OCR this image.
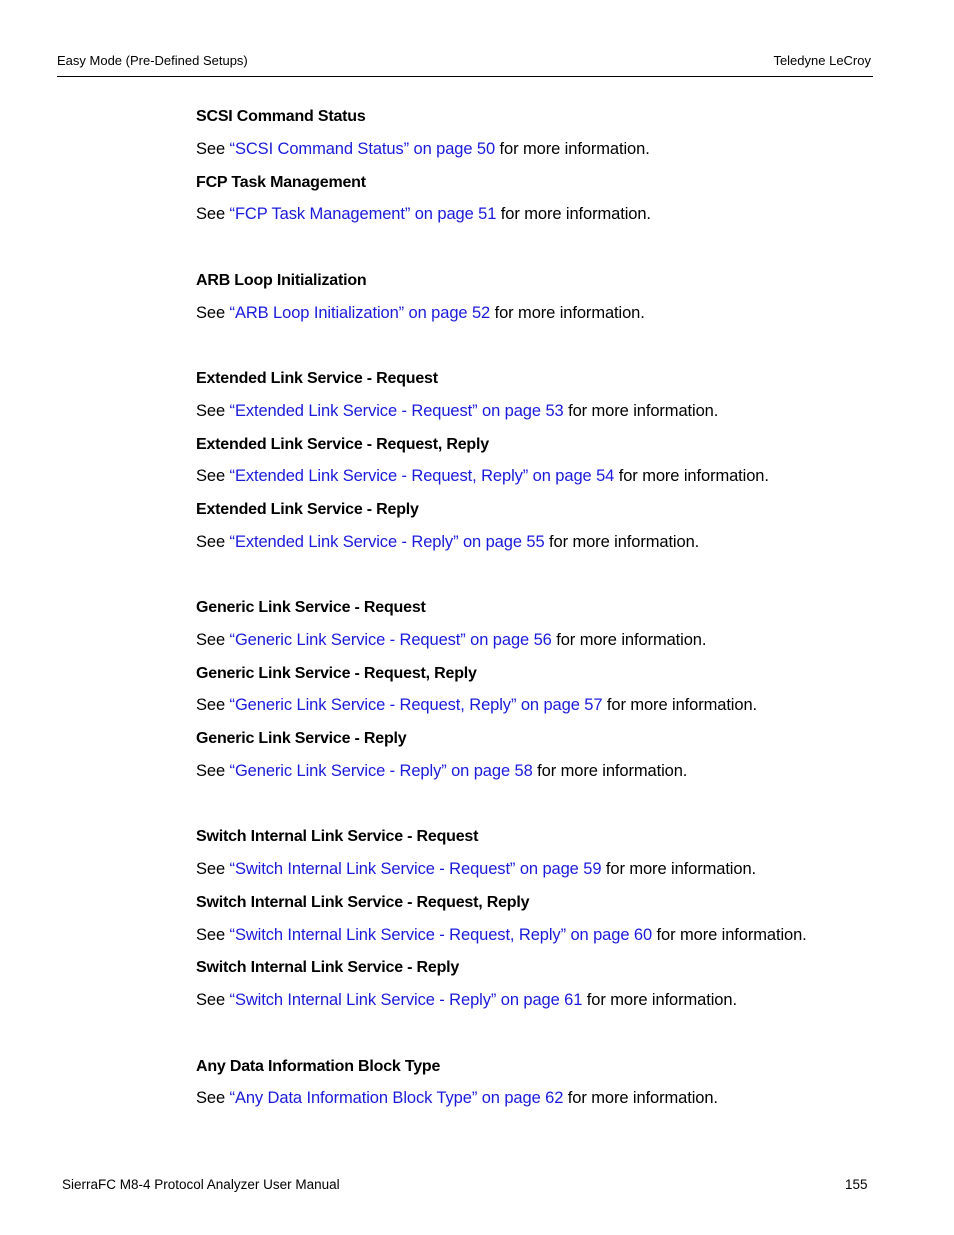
Easy Mode (Pre-Defined Setups)	Teledyne LeCroy
SCSI Command Status
See “SCSI Command Status” on page 50 for more information.
FCP Task Management
See “FCP Task Management” on page 51 for more information.
ARB Loop Initialization
See “ARB Loop Initialization” on page 52 for more information.
Extended Link Service - Request
See “Extended Link Service - Request” on page 53 for more information.
Extended Link Service - Request, Reply
See “Extended Link Service - Request, Reply” on page 54 for more information.
Extended Link Service - Reply
See “Extended Link Service - Reply” on page 55 for more information.
Generic Link Service - Request
See “Generic Link Service - Request” on page 56 for more information.
Generic Link Service - Request, Reply
See “Generic Link Service - Request, Reply” on page 57 for more information.
Generic Link Service - Reply
See “Generic Link Service - Reply” on page 58 for more information.
Switch Internal Link Service - Request
See “Switch Internal Link Service - Request” on page 59 for more information.
Switch Internal Link Service - Request, Reply
See “Switch Internal Link Service - Request, Reply” on page 60 for more information.
Switch Internal Link Service - Reply
See “Switch Internal Link Service - Reply” on page 61 for more information.
Any Data Information Block Type
See “Any Data Information Block Type” on page 62 for more information.
SierraFC M8-4 Protocol Analyzer User Manual	155
